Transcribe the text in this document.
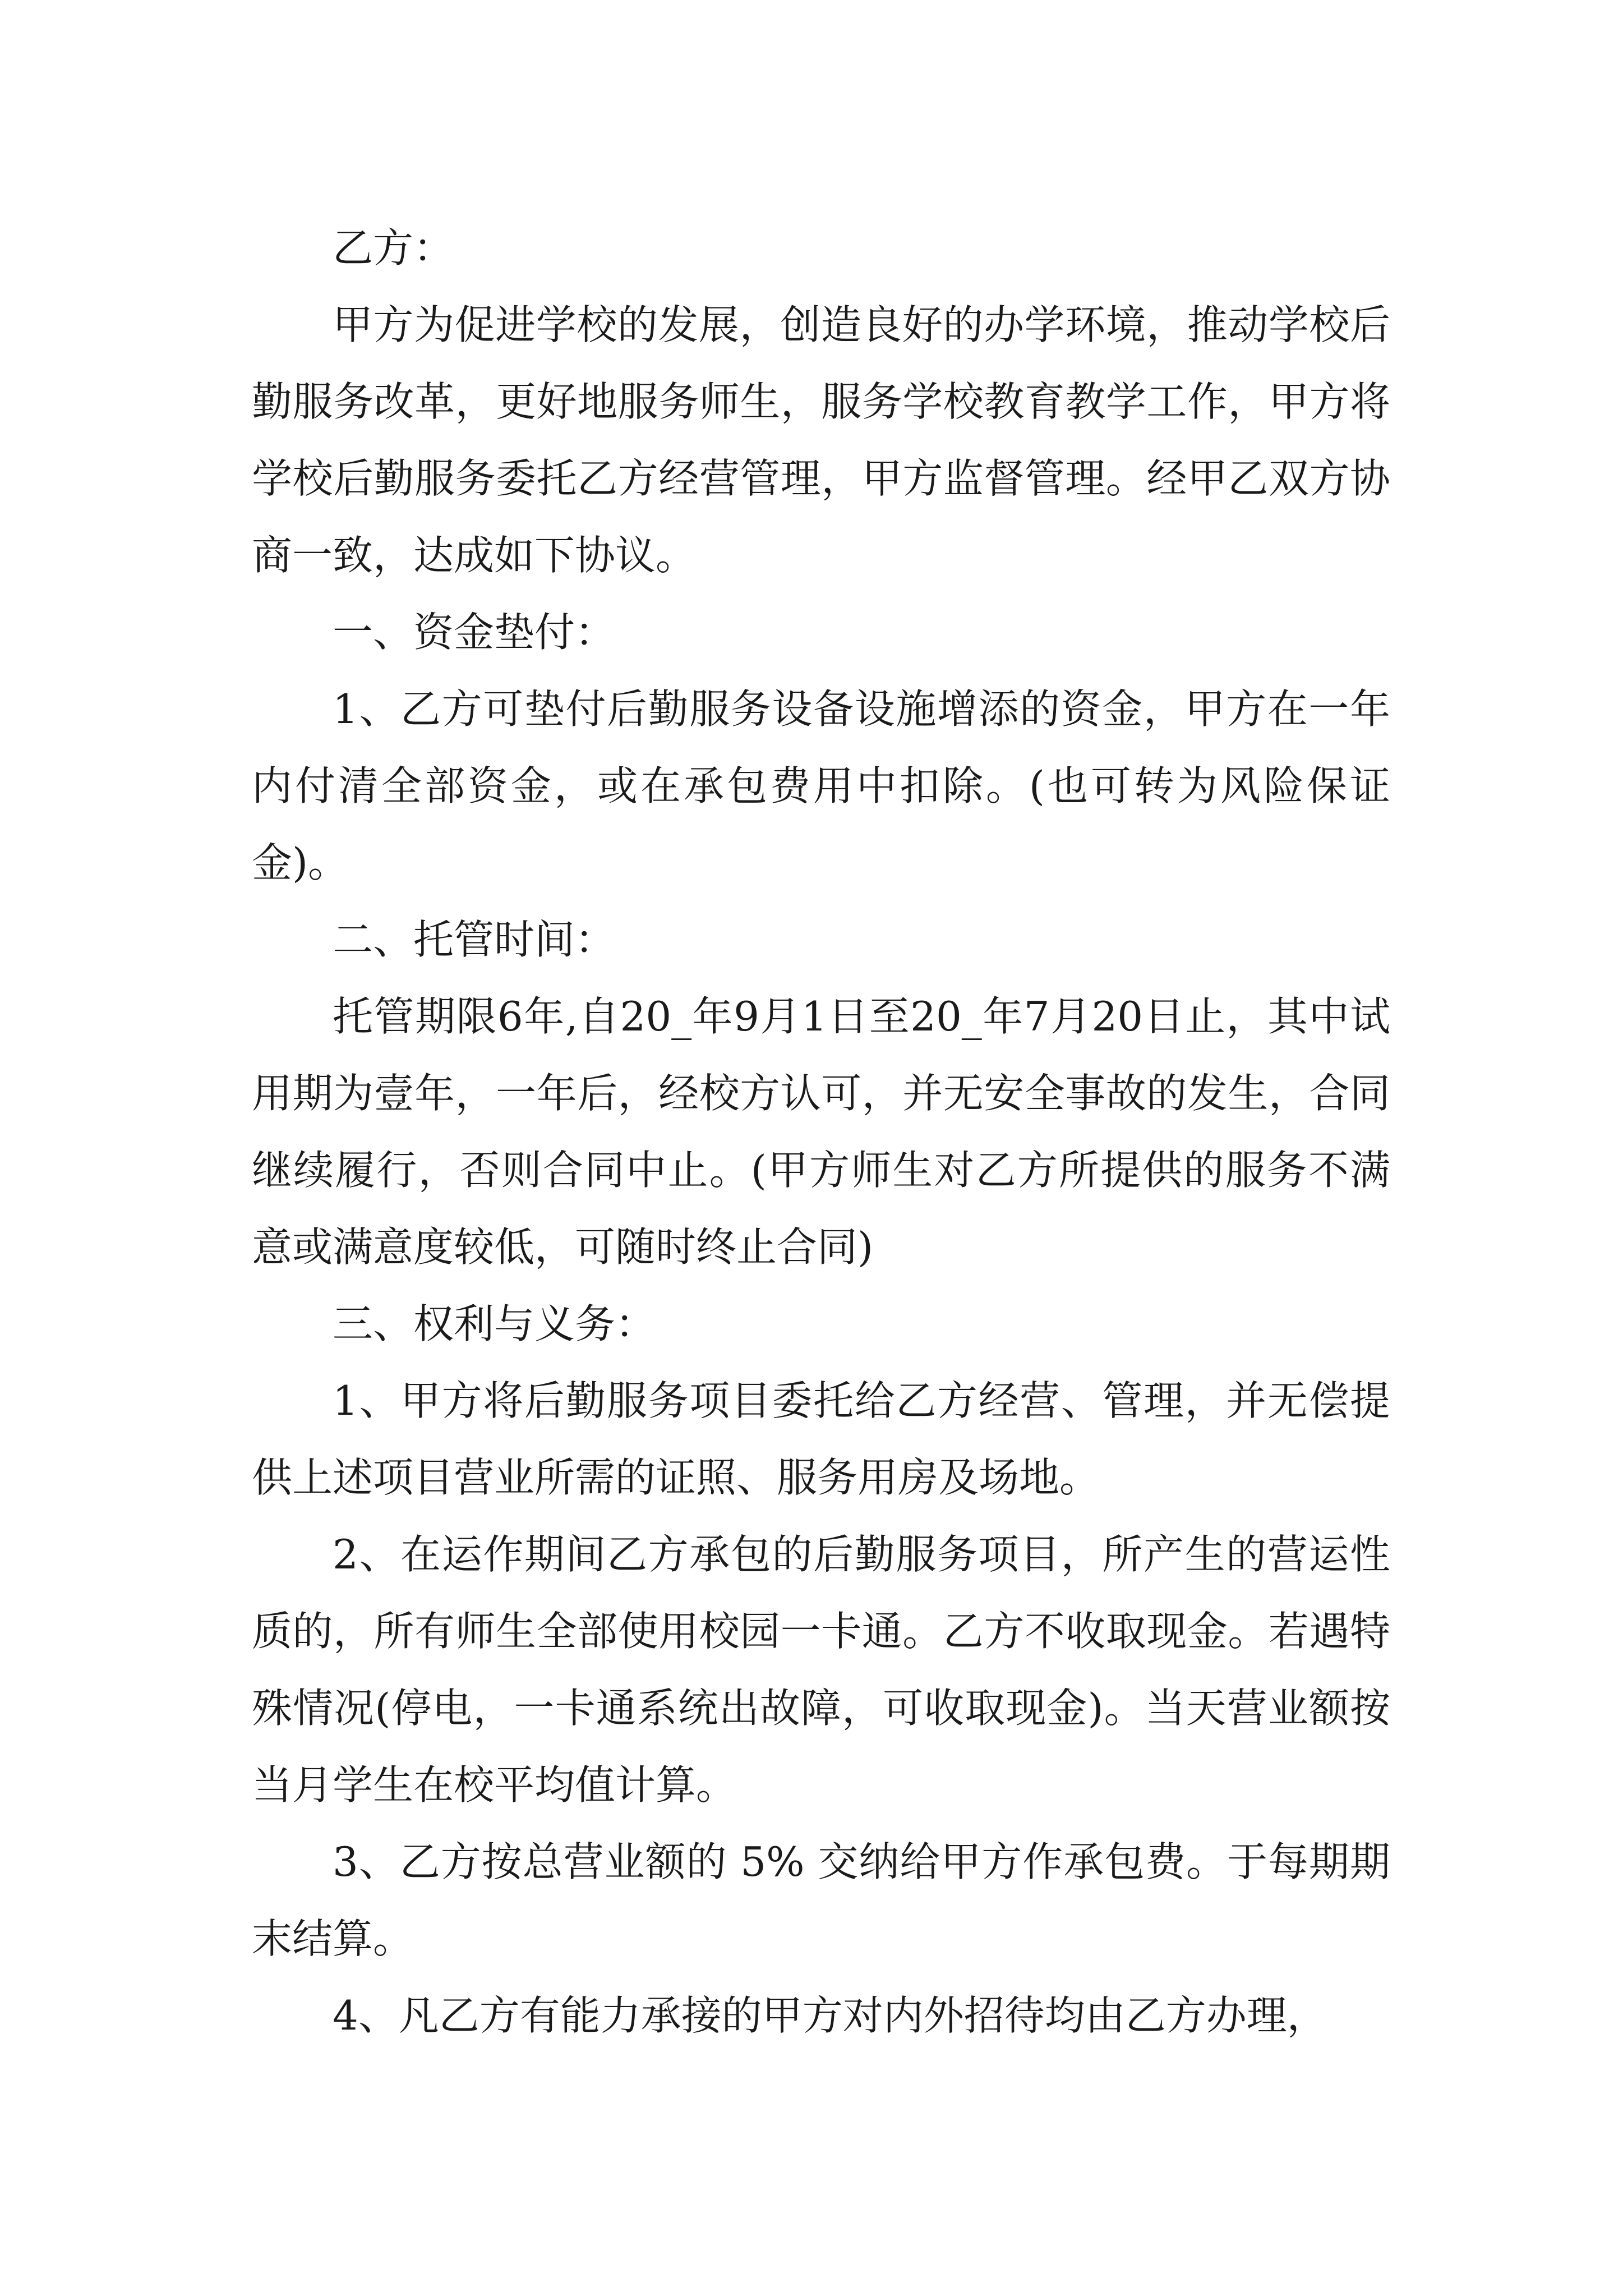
乙方：

甲方为促进学校的发展，创造良好的办学环境，推动学校后勤服务改革，更好地服务师生，服务学校教育教学工作，甲方将学校后勤服务委托乙方经营管理，甲方监督管理。经甲乙双方协商一致，达成如下协议。

一、资金垫付：

1、乙方可垫付后勤服务设备设施增添的资金，甲方在一年内付清全部资金，或在承包费用中扣除。(也可转为风险保证金)。

二、托管时间：

托管期限6年,自20_年9月1日至20_年7月20日止，其中试用期为壹年，一年后，经校方认可，并无安全事故的发生，合同继续履行，否则合同中止。(甲方师生对乙方所提供的服务不满意或满意度较低，可随时终止合同)

三、权利与义务：

1、甲方将后勤服务项目委托给乙方经营、管理，并无偿提供上述项目营业所需的证照、服务用房及场地。

2、在运作期间乙方承包的后勤服务项目，所产生的营运性质的，所有师生全部使用校园一卡通。乙方不收取现金。若遇特殊情况(停电，一卡通系统出故障，可收取现金)。当天营业额按当月学生在校平均值计算。

3、乙方按总营业额的 5% 交纳给甲方作承包费。于每期期末结算。

4、凡乙方有能力承接的甲方对内外招待均由乙方办理，
